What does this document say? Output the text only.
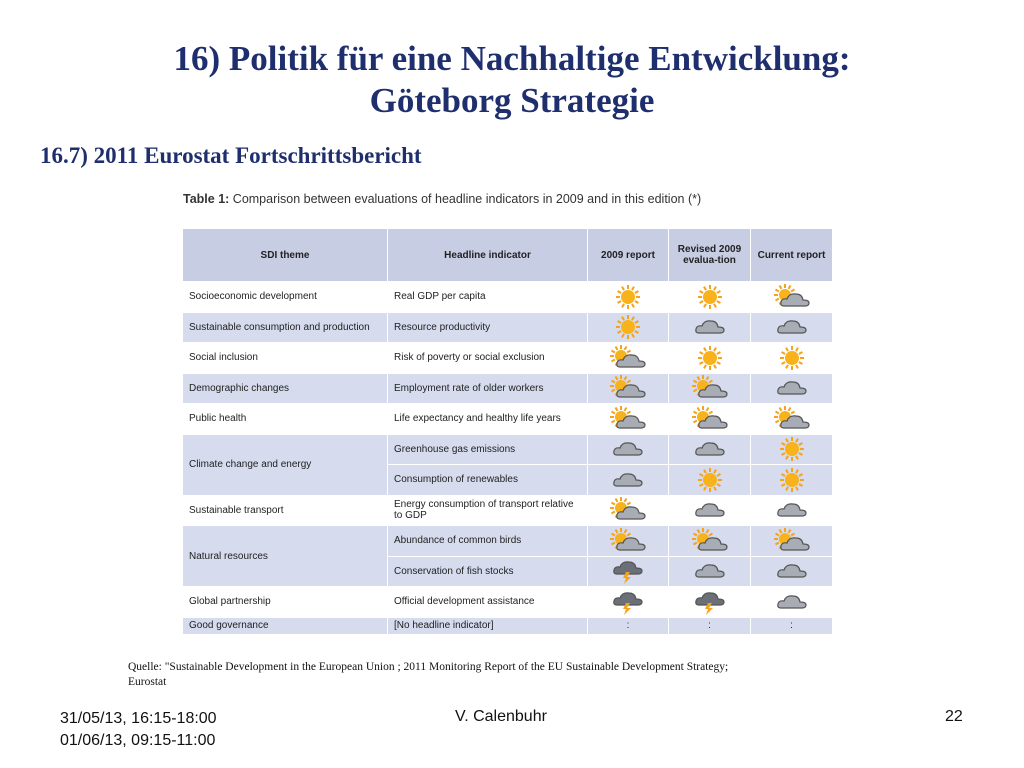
16) Politik für eine Nachhaltige Entwicklung:
Göteborg Strategie
16.7) 2011 Eurostat Fortschrittsbericht
Table 1: Comparison between evaluations of headline indicators in 2009 and in this edition (*)
SDI theme	Headline indicator	2009 report	Revised 2009 evalua-tion	Current report
Socioeconomic development	Real GDP per capita	

Sustainable consumption and production	Resource productivity	

Social inclusion	Risk of poverty or social exclusion	

Demographic changes	Employment rate of older workers	

Public health	Life expectancy and healthy life years	

Climate change and energy	Greenhouse gas emissions	

	Consumption of renewables	

Sustainable transport	Energy consumption of transport relative to GDP	

Natural resources	Abundance of common birds	

	Conservation of fish stocks	

Global partnership	Official development assistance	

Good governance	[No headline indicator]	:	:	:
Quelle: "Sustainable Development in the European Union ; 2011 Monitoring Report of the EU Sustainable Development Strategy; Eurostat
31/05/13, 16:15-18:00
01/06/13, 09:15-11:00
V. Calenbuhr	22
